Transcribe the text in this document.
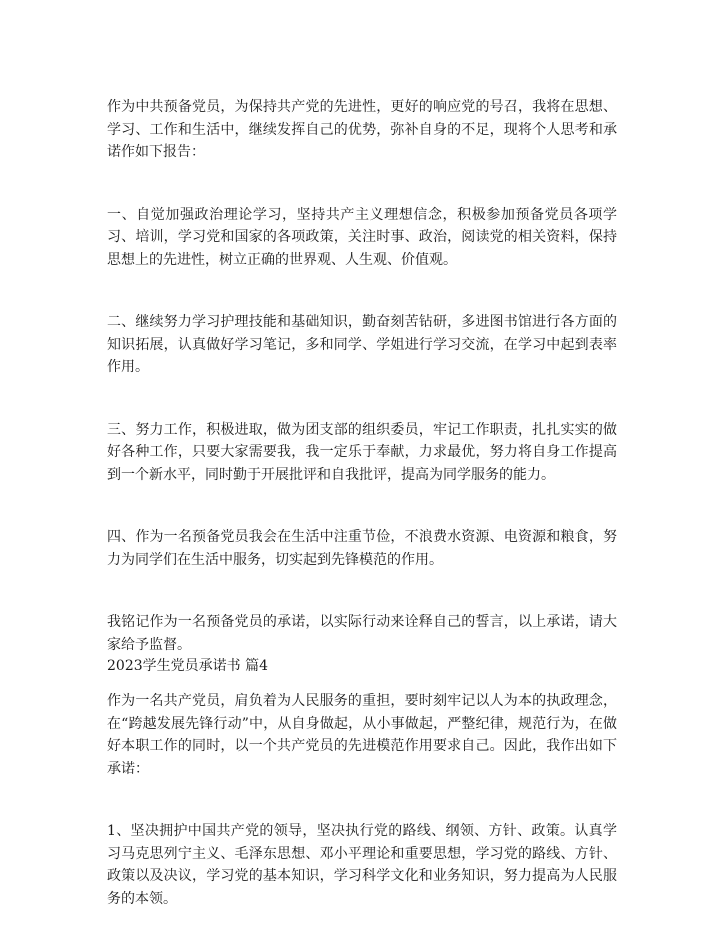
作为中共预备党员，为保持共产党的先进性，更好的响应党的号召，我将在思想、学习、工作和生活中，继续发挥自己的优势，弥补自身的不足，现将个人思考和承诺作如下报告：

一、自觉加强政治理论学习，坚持共产主义理想信念，积极参加预备党员各项学习、培训，学习党和国家的各项政策，关注时事、政治，阅读党的相关资料，保持思想上的先进性，树立正确的世界观、人生观、价值观。

二、继续努力学习护理技能和基础知识，勤奋刻苦钻研，多进图书馆进行各方面的知识拓展，认真做好学习笔记，多和同学、学姐进行学习交流，在学习中起到表率作用。

三、努力工作，积极进取，做为团支部的组织委员，牢记工作职责，扎扎实实的做好各种工作，只要大家需要我，我一定乐于奉献，力求最优，努力将自身工作提高到一个新水平，同时勤于开展批评和自我批评，提高为同学服务的能力。

四、作为一名预备党员我会在生活中注重节俭，不浪费水资源、电资源和粮食，努力为同学们在生活中服务，切实起到先锋模范的作用。

我铭记作为一名预备党员的承诺，以实际行动来诠释自己的誓言，以上承诺，请大家给予监督。

2023学生党员承诺书 篇4

作为一名共产党员，肩负着为人民服务的重担，要时刻牢记以人为本的执政理念，在“跨越发展先锋行动”中，从自身做起，从小事做起，严整纪律，规范行为，在做好本职工作的同时，以一个共产党员的先进模范作用要求自己。因此，我作出如下承诺：

1、坚决拥护中国共产党的领导，坚决执行党的路线、纲领、方针、政策。认真学习马克思列宁主义、毛泽东思想、邓小平理论和重要思想，学习党的路线、方针、政策以及决议，学习党的基本知识，学习科学文化和业务知识，努力提高为人民服务的本领。
